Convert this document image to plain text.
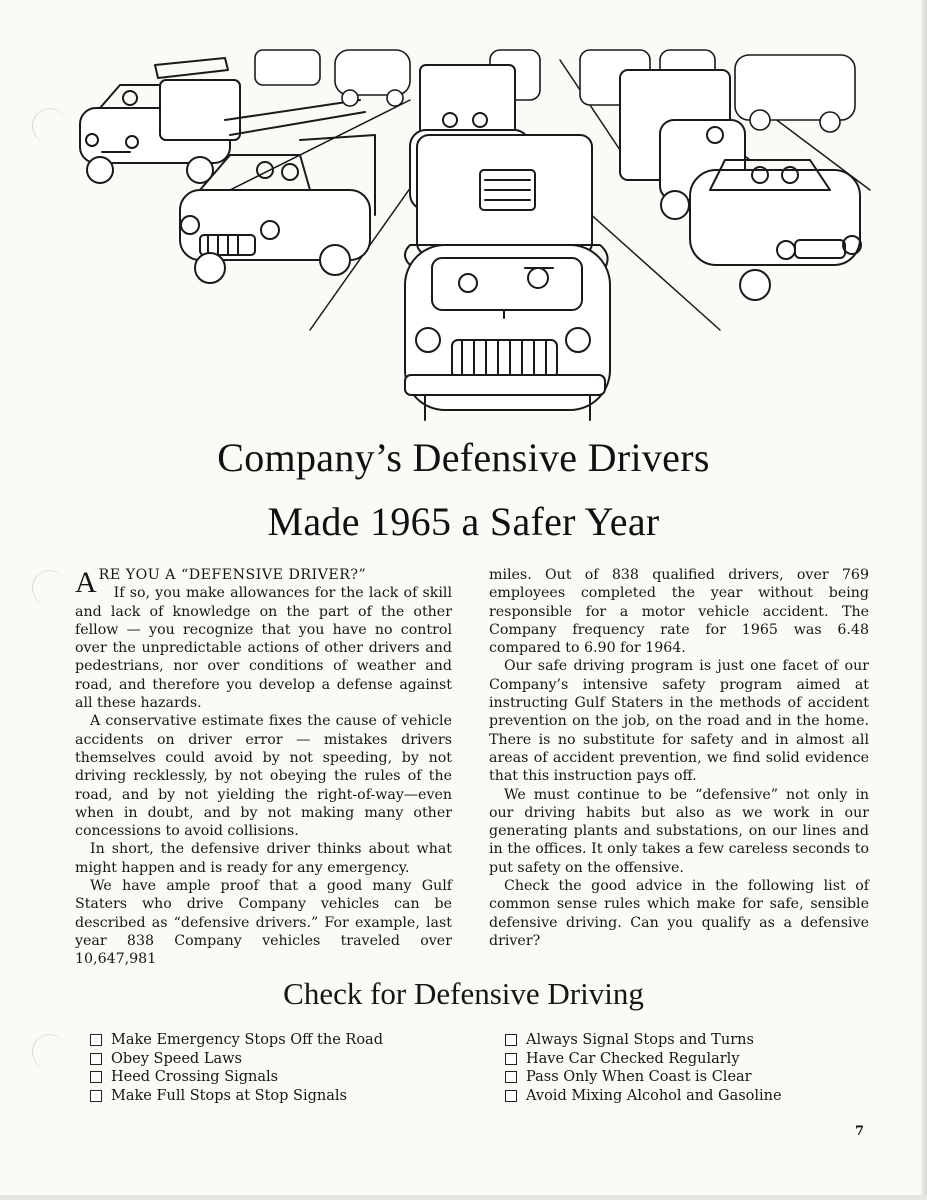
Company’s Defensive Drivers
Made 1965 a Safer Year

ARE YOU A “DEFENSIVE DRIVER?”

If so, you make allowances for the lack of skill and lack of knowledge on the part of the other fellow — you recognize that you have no control over the unpredictable actions of other drivers and pedestrians, nor over conditions of weather and road, and therefore you develop a defense against all these hazards.

A conservative estimate fixes the cause of vehicle accidents on driver error — mistakes drivers themselves could avoid by not speeding, by not driving recklessly, by not obeying the rules of the road, and by not yielding the right-of-way—even when in doubt, and by not making many other concessions to avoid collisions.

In short, the defensive driver thinks about what might happen and is ready for any emergency.

We have ample proof that a good many Gulf Staters who drive Company vehicles can be described as “defensive drivers.” For example, last year 838 Company vehicles traveled over 10,647,981

miles. Out of 838 qualified drivers, over 769 employees completed the year without being responsible for a motor vehicle accident. The Company frequency rate for 1965 was 6.48 compared to 6.90 for 1964.

Our safe driving program is just one facet of our Company’s intensive safety program aimed at instructing Gulf Staters in the methods of accident prevention on the job, on the road and in the home. There is no substitute for safety and in almost all areas of accident prevention, we find solid evidence that this instruction pays off.

We must continue to be “defensive” not only in our driving habits but also as we work in our generating plants and substations, on our lines and in the offices. It only takes a few careless seconds to put safety on the offensive.

Check the good advice in the following list of common sense rules which make for safe, sensible defensive driving. Can you qualify as a defensive driver?

Check for Defensive Driving
Make Emergency Stops Off the Road
Obey Speed Laws
Heed Crossing Signals
Make Full Stops at Stop Signals
Always Signal Stops and Turns
Have Car Checked Regularly
Pass Only When Coast is Clear
Avoid Mixing Alcohol and Gasoline
7
